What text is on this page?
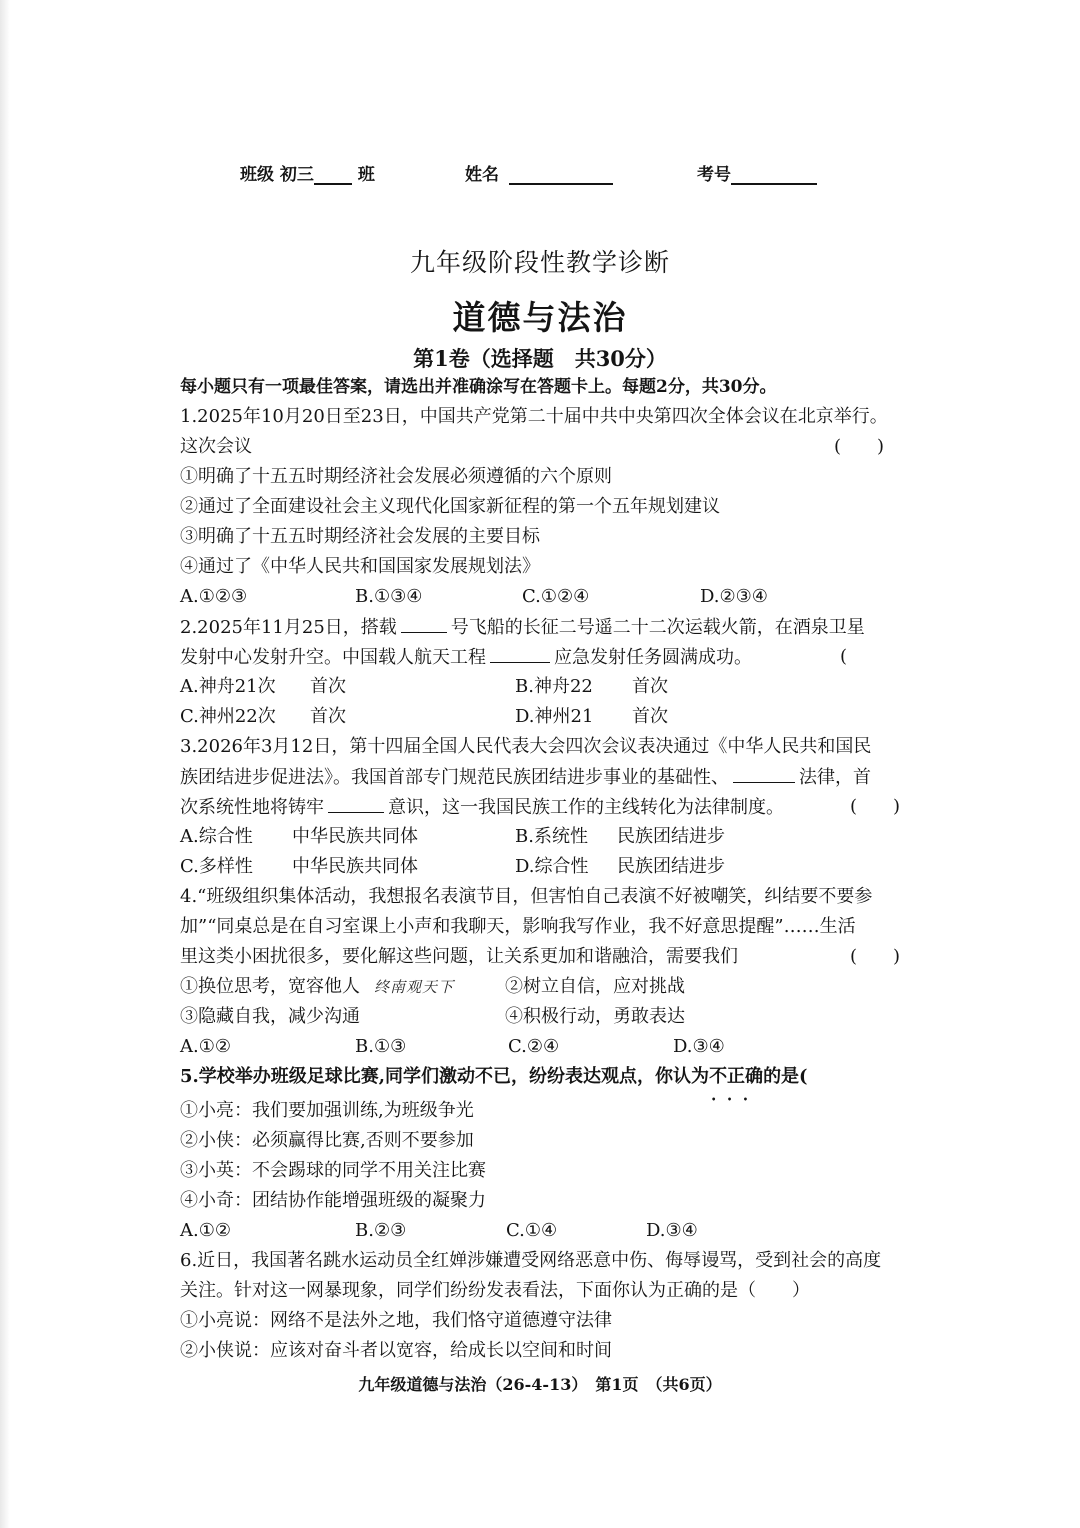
班级 初三	班	姓名	考号
九年级阶段性教学诊断
道德与法治
第1卷（选择题　共30分）
每小题只有一项最佳答案，请选出并准确涂写在答题卡上。每题2分，共30分。
1.2025年10月20日至23日，中国共产党第二十届中共中央第四次全体会议在北京举行。
这次会议	(　　)
①明确了十五五时期经济社会发展必须遵循的六个原则
②通过了全面建设社会主义现代化国家新征程的第一个五年规划建议
③明确了十五五时期经济社会发展的主要目标
④通过了《中华人民共和国国家发展规划法》
A.①②③	B.①③④	C.①②④	D.②③④
2.2025年11月25日，搭载	号飞船的长征二号遥二十二次运载火箭，在酒泉卫星
发射中心发射升空。中国载人航天工程	应急发射任务圆满成功。	(
A.神舟21次 首次	B.神舟22 首次
C.神州22次 首次	D.神州21 首次
3.2026年3月12日，第十四届全国人民代表大会四次会议表决通过《中华人民共和国民
族团结进步促进法》。我国首部专门规范民族团结进步事业的基础性、	法律，首
次系统性地将铸牢	意识，这一我国民族工作的主线转化为法律制度。	(　　)
A.综合性 中华民族共同体	B.系统性 民族团结进步
C.多样性 中华民族共同体	D.综合性 民族团结进步
4.“班级组织集体活动，我想报名表演节目，但害怕自己表演不好被嘲笑，纠结要不要参
加”“同桌总是在自习室课上小声和我聊天，影响我写作业，我不好意思提醒”……生活
里这类小困扰很多，要化解这些问题，让关系更加和谐融洽，需要我们	(　　)
①换位思考，宽容他人 终南观天下	②树立自信，应对挑战
③隐藏自我，减少沟通	④积极行动，勇敢表达
A.①②	B.①③	C.②④	D.③④
5.学校举办班级足球比赛,同学们激动不已，纷纷表达观点，你认为不正确 • • •的是(
①小亮：我们要加强训练,为班级争光
②小侠：必须赢得比赛,否则不要参加
③小英：不会踢球的同学不用关注比赛
④小奇：团结协作能增强班级的凝聚力
A.①②	B.②③	C.①④	D.③④
6.近日，我国著名跳水运动员全红婵涉嫌遭受网络恶意中伤、侮辱谩骂，受到社会的高度
关注。针对这一网暴现象，同学们纷纷发表看法，下面你认为正确的是（　　）
①小亮说：网络不是法外之地，我们恪守道德遵守法律
②小侠说：应该对奋斗者以宽容，给成长以空间和时间
九年级道德与法治（26-4-13）　第1页　（共6页）
